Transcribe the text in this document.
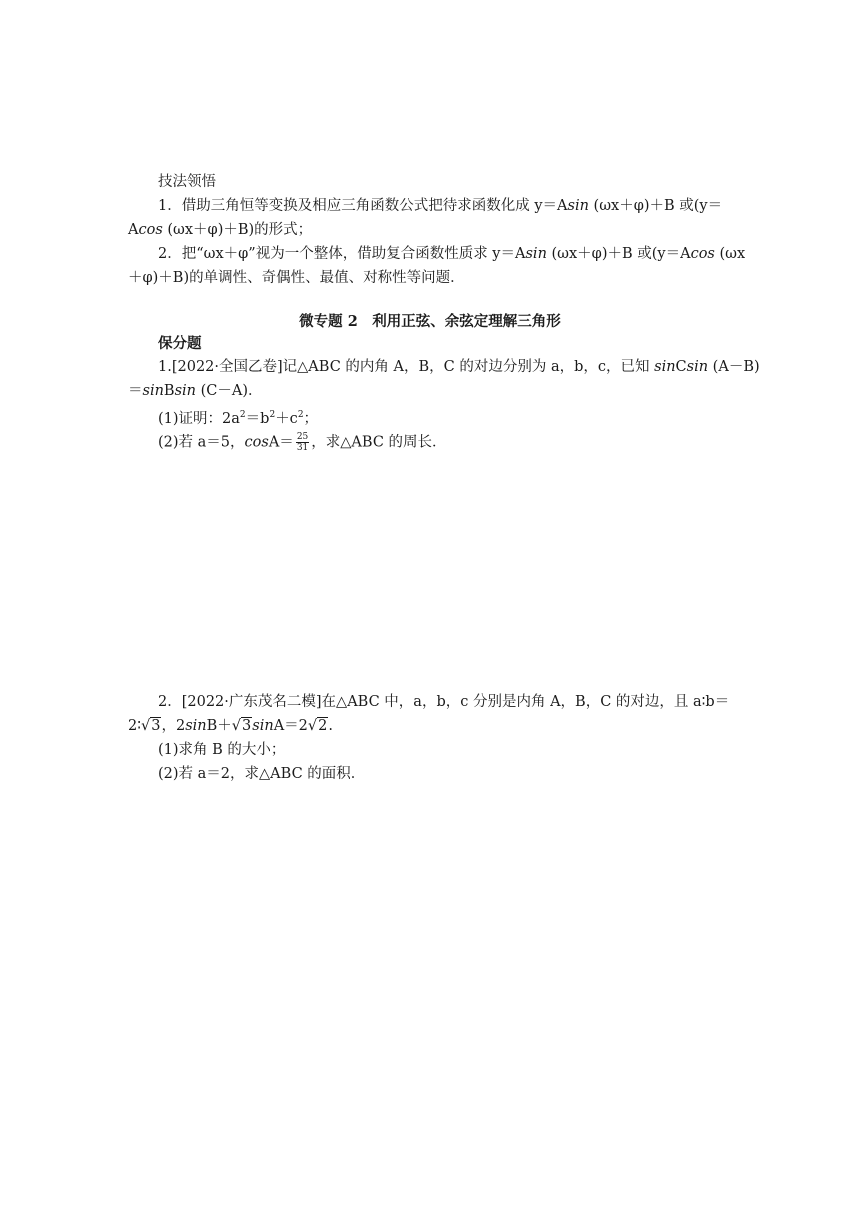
技法领悟
1．借助三角恒等变换及相应三角函数公式把待求函数化成 y＝Asin (ωx＋φ)＋B 或(y＝
Acos (ωx＋φ)＋B)的形式；
2．把“ωx＋φ”视为一个整体，借助复合函数性质求 y＝Asin (ωx＋φ)＋B 或(y＝Acos (ωx
＋φ)＋B)的单调性、奇偶性、最值、对称性等问题．
微专题 2　利用正弦、余弦定理解三角形
保分题
1.[2022·全国乙卷]记△ABC 的内角 A，B，C 的对边分别为 a，b，c，已知 sinCsin (A－B)
＝sinBsin (C－A)．
(1)证明：$2a^2=b^2+c^2$；
(2)若 a＝5，$\cos A= \frac{25}{31}$ ，求△ABC 的周长．
2．[2022·广东茂名二模]在△ABC 中，a，b，c 分别是内角 A，B，C 的对边，且 a∶b＝
2∶√3，2sinB＋√3sinA＝2√2.
(1)求角 B 的大小；
(2)若 a＝2，求△ABC 的面积．
